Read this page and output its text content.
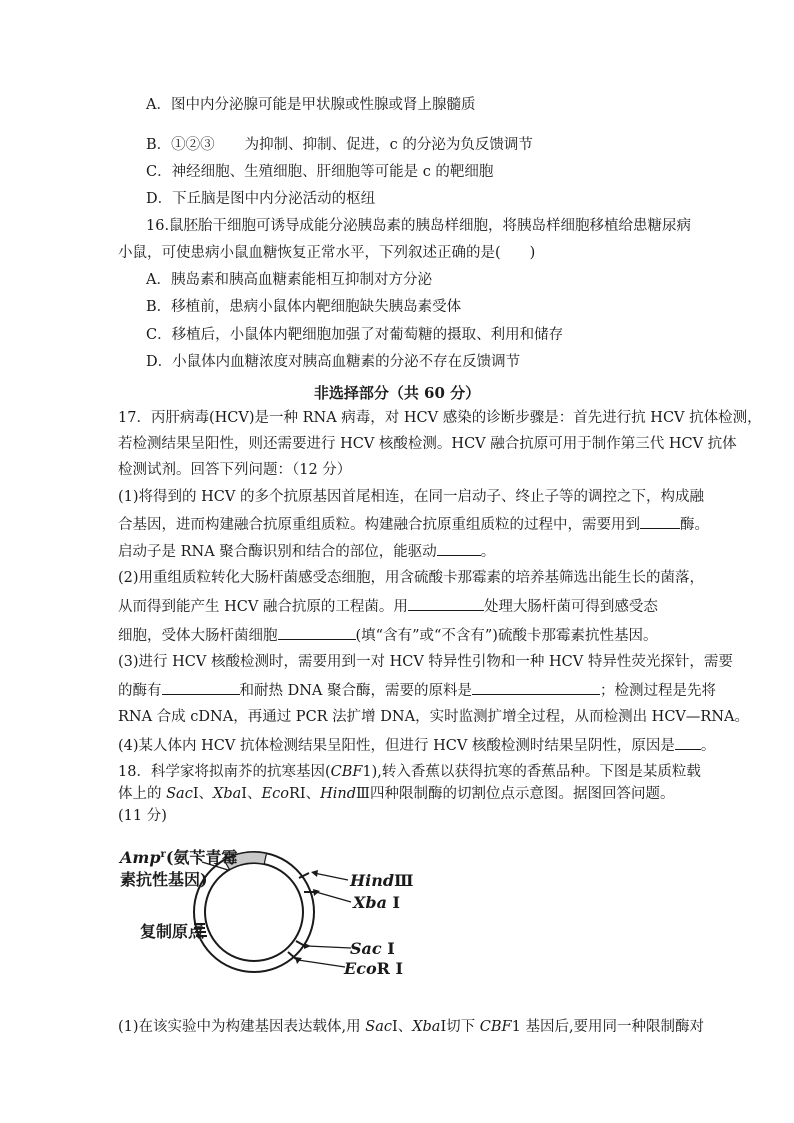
A．图中内分泌腺可能是甲状腺或性腺或肾上腺髓质
B．①②③ 为抑制、抑制、促进，c 的分泌为负反馈调节
C．神经细胞、生殖细胞、肝细胞等可能是 c 的靶细胞
D．下丘脑是图中内分泌活动的枢纽
16.鼠胚胎干细胞可诱导成能分泌胰岛素的胰岛样细胞，将胰岛样细胞移植给患糖尿病
小鼠，可使患病小鼠血糖恢复正常水平，下列叙述正确的是(　　)
A．胰岛素和胰高血糖素能相互抑制对方分泌
B．移植前，患病小鼠体内靶细胞缺失胰岛素受体
C．移植后，小鼠体内靶细胞加强了对葡萄糖的摄取、利用和储存
D．小鼠体内血糖浓度对胰高血糖素的分泌不存在反馈调节
非选择部分（共 60 分）
17．丙肝病毒(HCV)是一种 RNA 病毒，对 HCV 感染的诊断步骤是：首先进行抗 HCV 抗体检测，
若检测结果呈阳性，则还需要进行 HCV 核酸检测。HCV 融合抗原可用于制作第三代 HCV 抗体
检测试剂。回答下列问题：（12 分）
(1)将得到的 HCV 的多个抗原基因首尾相连，在同一启动子、终止子等的调控之下，构成融
合基因，进而构建融合抗原重组质粒。构建融合抗原重组质粒的过程中，需要用到	酶。
启动子是 RNA 聚合酶识别和结合的部位，能驱动	。
(2)用重组质粒转化大肠杆菌感受态细胞，用含硫酸卡那霉素的培养基筛选出能生长的菌落，
从而得到能产生 HCV 融合抗原的工程菌。用	处理大肠杆菌可得到感受态
细胞，受体大肠杆菌细胞	(填“含有”或“不含有”)硫酸卡那霉素抗性基因。
(3)进行 HCV 核酸检测时，需要用到一对 HCV 特异性引物和一种 HCV 特异性荧光探针，需要
的酶有	和耐热 DNA 聚合酶，需要的原料是	；检测过程是先将
RNA 合成 cDNA，再通过 PCR 法扩增 DNA，实时监测扩增全过程，从而检测出 HCV—RNA。
(4)某人体内 HCV 抗体检测结果呈阳性，但进行 HCV 核酸检测时结果呈阴性，原因是 。
18．科学家将拟南芥的抗寒基因(CBF1),转入香蕉以获得抗寒的香蕉品种。下图是某质粒载
体上的 SacⅠ、XbaⅠ、EcoRⅠ、HindⅢ四种限制酶的切割位点示意图。据图回答问题。
(11 分)
Amp$^r$(氨苄青霉
素抗性基因)
复制原点
HindⅢ
Xba Ⅰ
Sac Ⅰ
EcoR Ⅰ
(1)在该实验中为构建基因表达载体,用 SacⅠ、XbaⅠ切下 CBF1 基因后,要用同一种限制酶对
